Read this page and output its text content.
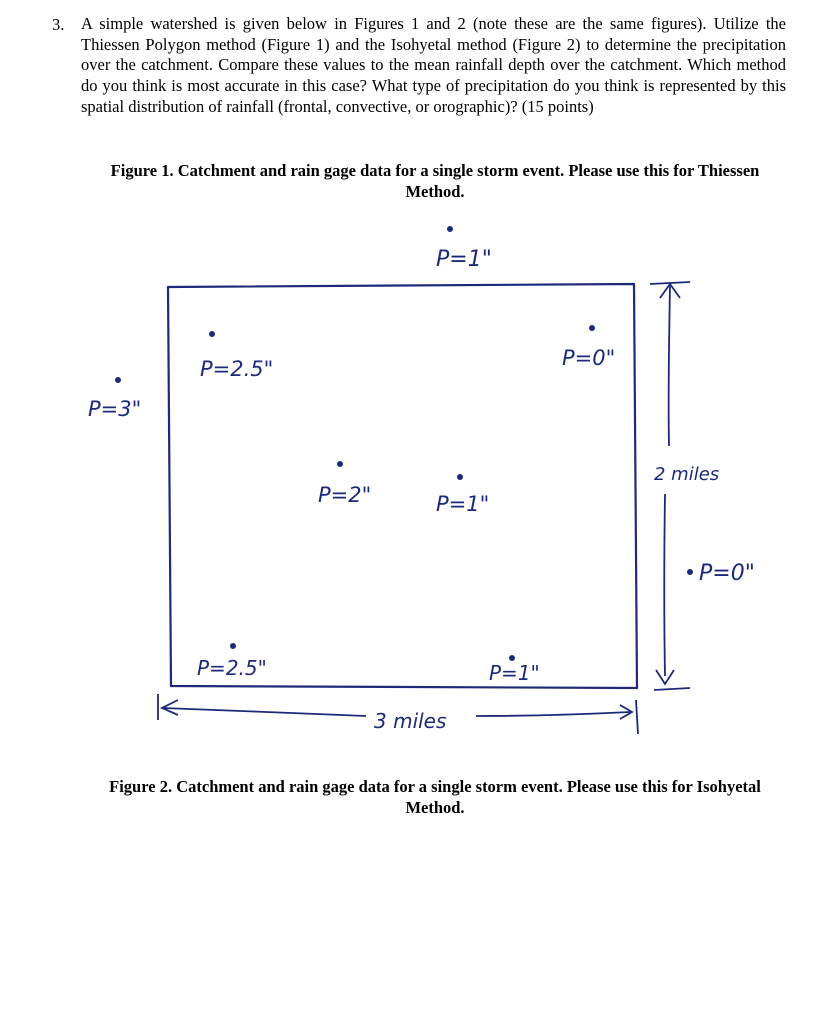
3. A simple watershed is given below in Figures 1 and 2 (note these are the same figures). Utilize the Thiessen Polygon method (Figure 1) and the Isohyetal method (Figure 2) to determine the precipitation over the catchment. Compare these values to the mean rainfall depth over the catchment. Which method do you think is most accurate in this case? What type of precipitation do you think is represented by this spatial distribution of rainfall (frontal, convective, or orographic)? (15 points)
Figure 1. Catchment and rain gage data for a single storm event. Please use this for Thiessen Method.
P=1"
P=2.5"	P=0"
P=3"
P=2"	P=1"
P=0"
P=2.5"	P=1"
3 miles
2 miles
Figure 2. Catchment and rain gage data for a single storm event. Please use this for Isohyetal Method.
